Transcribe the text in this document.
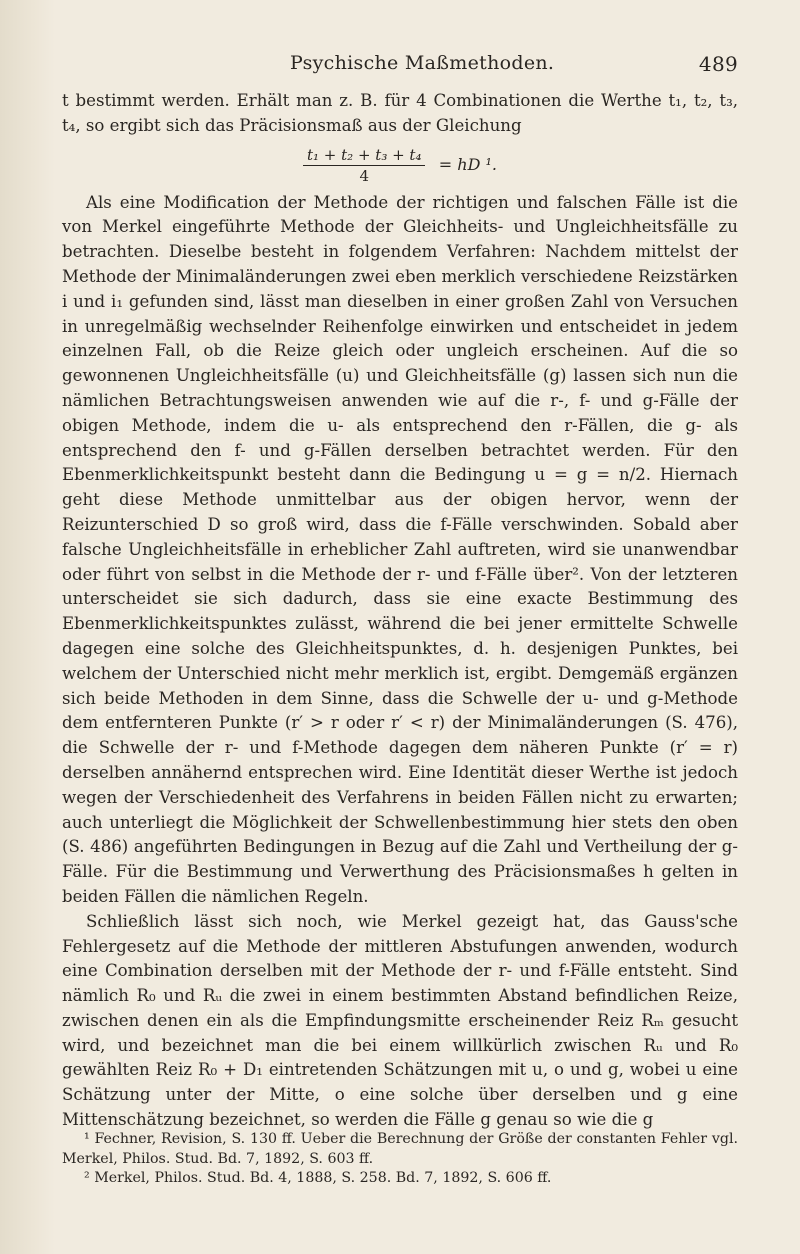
Psychische Maßmethoden.	489

t bestimmt werden. Erhält man z. B. für 4 Combinationen die Werthe t₁, t₂, t₃, t₄, so ergibt sich das Präcisionsmaß aus der Gleichung

$\frac{\text{t₁ + t₂ + t₃ + t₄}}{4}$ = hD ¹.

Als eine Modification der Methode der richtigen und falschen Fälle ist die von Merkel eingeführte Methode der Gleichheits- und Ungleichheitsfälle zu betrachten. Dieselbe besteht in folgendem Verfahren: Nachdem mittelst der Methode der Minimaländerungen zwei eben merklich verschiedene Reizstärken i und i₁ gefunden sind, lässt man dieselben in einer großen Zahl von Versuchen in unregelmäßig wechselnder Reihenfolge einwirken und entscheidet in jedem einzelnen Fall, ob die Reize gleich oder ungleich erscheinen. Auf die so gewonnenen Ungleichheitsfälle (u) und Gleichheitsfälle (g) lassen sich nun die nämlichen Betrachtungsweisen anwenden wie auf die r-, f- und g-Fälle der obigen Methode, indem die u- als entsprechend den r-Fällen, die g- als entsprechend den f- und g-Fällen derselben betrachtet werden. Für den Ebenmerklichkeitspunkt besteht dann die Bedingung u = g = n/2. Hiernach geht diese Methode unmittelbar aus der obigen hervor, wenn der Reizunterschied D so groß wird, dass die f-Fälle verschwinden. Sobald aber falsche Ungleichheitsfälle in erheblicher Zahl auftreten, wird sie unanwendbar oder führt von selbst in die Methode der r- und f-Fälle über². Von der letzteren unterscheidet sie sich dadurch, dass sie eine exacte Bestimmung des Ebenmerklichkeitspunktes zulässt, während die bei jener ermittelte Schwelle dagegen eine solche des Gleichheitspunktes, d. h. desjenigen Punktes, bei welchem der Unterschied nicht mehr merklich ist, ergibt. Demgemäß ergänzen sich beide Methoden in dem Sinne, dass die Schwelle der u- und g-Methode dem entfernteren Punkte (r′ > r oder r′ < r) der Minimaländerungen (S. 476), die Schwelle der r- und f-Methode dagegen dem näheren Punkte (r′ = r) derselben annähernd entsprechen wird. Eine Identität dieser Werthe ist jedoch wegen der Verschiedenheit des Verfahrens in beiden Fällen nicht zu erwarten; auch unterliegt die Möglichkeit der Schwellenbestimmung hier stets den oben (S. 486) angeführten Bedingungen in Bezug auf die Zahl und Vertheilung der g-Fälle. Für die Bestimmung und Verwerthung des Präcisionsmaßes h gelten in beiden Fällen die nämlichen Regeln.

Schließlich lässt sich noch, wie Merkel gezeigt hat, das Gauss'sche Fehlergesetz auf die Methode der mittleren Abstufungen anwenden, wodurch eine Combination derselben mit der Methode der r- und f-Fälle entsteht. Sind nämlich R₀ und Rᵤ die zwei in einem bestimmten Abstand befindlichen Reize, zwischen denen ein als die Empfindungsmitte erscheinender Reiz Rₘ gesucht wird, und bezeichnet man die bei einem willkürlich zwischen Rᵤ und R₀ gewählten Reiz R₀ + D₁ eintretenden Schätzungen mit u, o und g, wobei u eine Schätzung unter der Mitte, o eine solche über derselben und g eine Mittenschätzung bezeichnet, so werden die Fälle g genau so wie die g

¹ Fechner, Revision, S. 130 ff. Ueber die Berechnung der Größe der constanten Fehler vgl. Merkel, Philos. Stud. Bd. 7, 1892, S. 603 ff.

² Merkel, Philos. Stud. Bd. 4, 1888, S. 258. Bd. 7, 1892, S. 606 ff.
